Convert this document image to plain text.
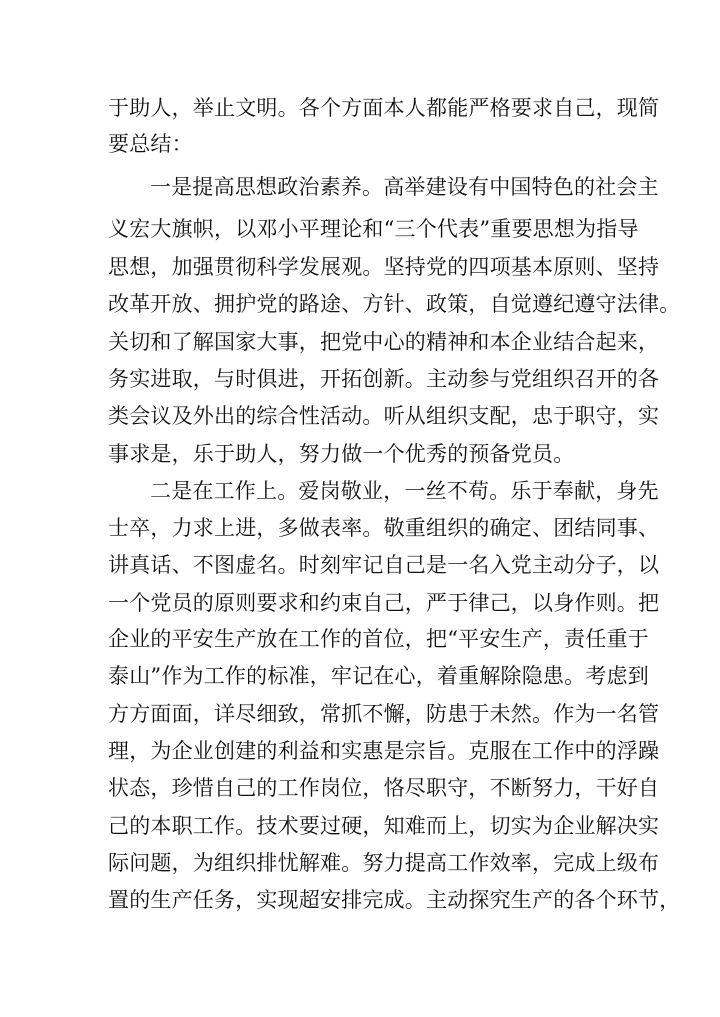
于助人，举止文明。各个方面本人都能严格要求自己，现简
要总结：
一是提高思想政治素养。高举建设有中国特色的社会主
义宏大旗帜，以邓小平理论和“三个代表”重要思想为指导
思想，加强贯彻科学发展观。坚持党的四项基本原则、坚持
改革开放、拥护党的路途、方针、政策，自觉遵纪遵守法律。
关切和了解国家大事，把党中心的精神和本企业结合起来，
务实进取，与时俱进，开拓创新。主动参与党组织召开的各
类会议及外出的综合性活动。听从组织支配，忠于职守，实
事求是，乐于助人，努力做一个优秀的预备党员。
二是在工作上。爱岗敬业，一丝不苟。乐于奉献，身先
士卒，力求上进，多做表率。敬重组织的确定、团结同事、
讲真话、不图虚名。时刻牢记自己是一名入党主动分子，以
一个党员的原则要求和约束自己，严于律己，以身作则。把
企业的平安生产放在工作的首位，把“平安生产，责任重于
泰山”作为工作的标准，牢记在心，着重解除隐患。考虑到
方方面面，详尽细致，常抓不懈，防患于未然。作为一名管
理，为企业创建的利益和实惠是宗旨。克服在工作中的浮躁
状态，珍惜自己的工作岗位，恪尽职守，不断努力，干好自
己的本职工作。技术要过硬，知难而上，切实为企业解决实
际问题，为组织排忧解难。努力提高工作效率，完成上级布
置的生产任务，实现超安排完成。主动探究生产的各个环节，
